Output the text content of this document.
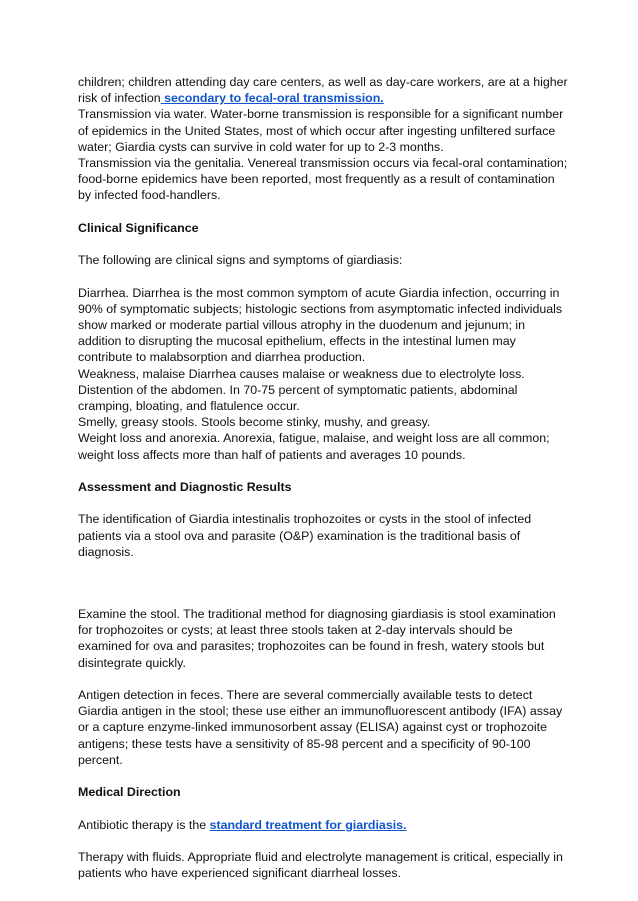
children; children attending day care centers, as well as day-care workers, are at a higher risk of infection secondary to fecal-oral transmission.

Transmission via water. Water-borne transmission is responsible for a significant number of epidemics in the United States, most of which occur after ingesting unfiltered surface water; Giardia cysts can survive in cold water for up to 2-3 months.

Transmission via the genitalia. Venereal transmission occurs via fecal-oral contamination; food-borne epidemics have been reported, most frequently as a result of contamination by infected food-handlers.

Clinical Significance

The following are clinical signs and symptoms of giardiasis:

Diarrhea. Diarrhea is the most common symptom of acute Giardia infection, occurring in 90% of symptomatic subjects; histologic sections from asymptomatic infected individuals show marked or moderate partial villous atrophy in the duodenum and jejunum; in addition to disrupting the mucosal epithelium, effects in the intestinal lumen may contribute to malabsorption and diarrhea production.

Weakness, malaise Diarrhea causes malaise or weakness due to electrolyte loss.

Distention of the abdomen. In 70-75 percent of symptomatic patients, abdominal cramping, bloating, and flatulence occur.

Smelly, greasy stools. Stools become stinky, mushy, and greasy.

Weight loss and anorexia. Anorexia, fatigue, malaise, and weight loss are all common; weight loss affects more than half of patients and averages 10 pounds.

Assessment and Diagnostic Results

The identification of Giardia intestinalis trophozoites or cysts in the stool of infected patients via a stool ova and parasite (O&P) examination is the traditional basis of diagnosis.

Examine the stool. The traditional method for diagnosing giardiasis is stool examination for trophozoites or cysts; at least three stools taken at 2-day intervals should be examined for ova and parasites; trophozoites can be found in fresh, watery stools but disintegrate quickly.

Antigen detection in feces. There are several commercially available tests to detect Giardia antigen in the stool; these use either an immunofluorescent antibody (IFA) assay or a capture enzyme-linked immunosorbent assay (ELISA) against cyst or trophozoite antigens; these tests have a sensitivity of 85-98 percent and a specificity of 90-100 percent.

Medical Direction

Antibiotic therapy is the standard treatment for giardiasis.

Therapy with fluids. Appropriate fluid and electrolyte management is critical, especially in patients who have experienced significant diarrheal losses.
